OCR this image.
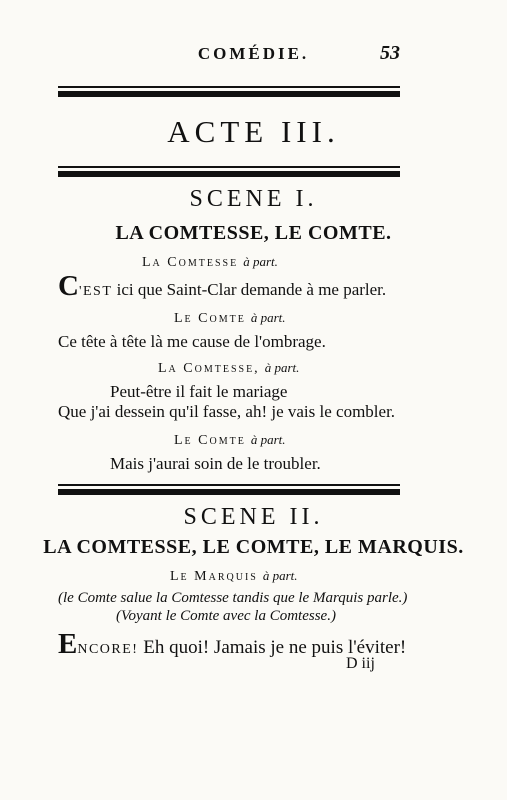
COMÉDIE.	53
ACTE III.
SCENE I.
LA COMTESSE, LE COMTE.
La Comtesse à part.
C'EST ici que Saint-Clar demande à me parler.
Le Comte à part.
Ce tête à tête là me cause de l'ombrage.
La Comtesse, à part.
Peut-être il fait le mariage
Que j'ai dessein qu'il fasse, ah! je vais le combler.
Le Comte à part.
Mais j'aurai soin de le troubler.
SCENE II.
LA COMTESSE, LE COMTE, LE MARQUIS.
Le Marquis à part.
(le Comte salue la Comtesse tandis que le Marquis parle.)
(Voyant le Comte avec la Comtesse.)
ENCORE! Eh quoi! Jamais je ne puis l'éviter!
D iij
